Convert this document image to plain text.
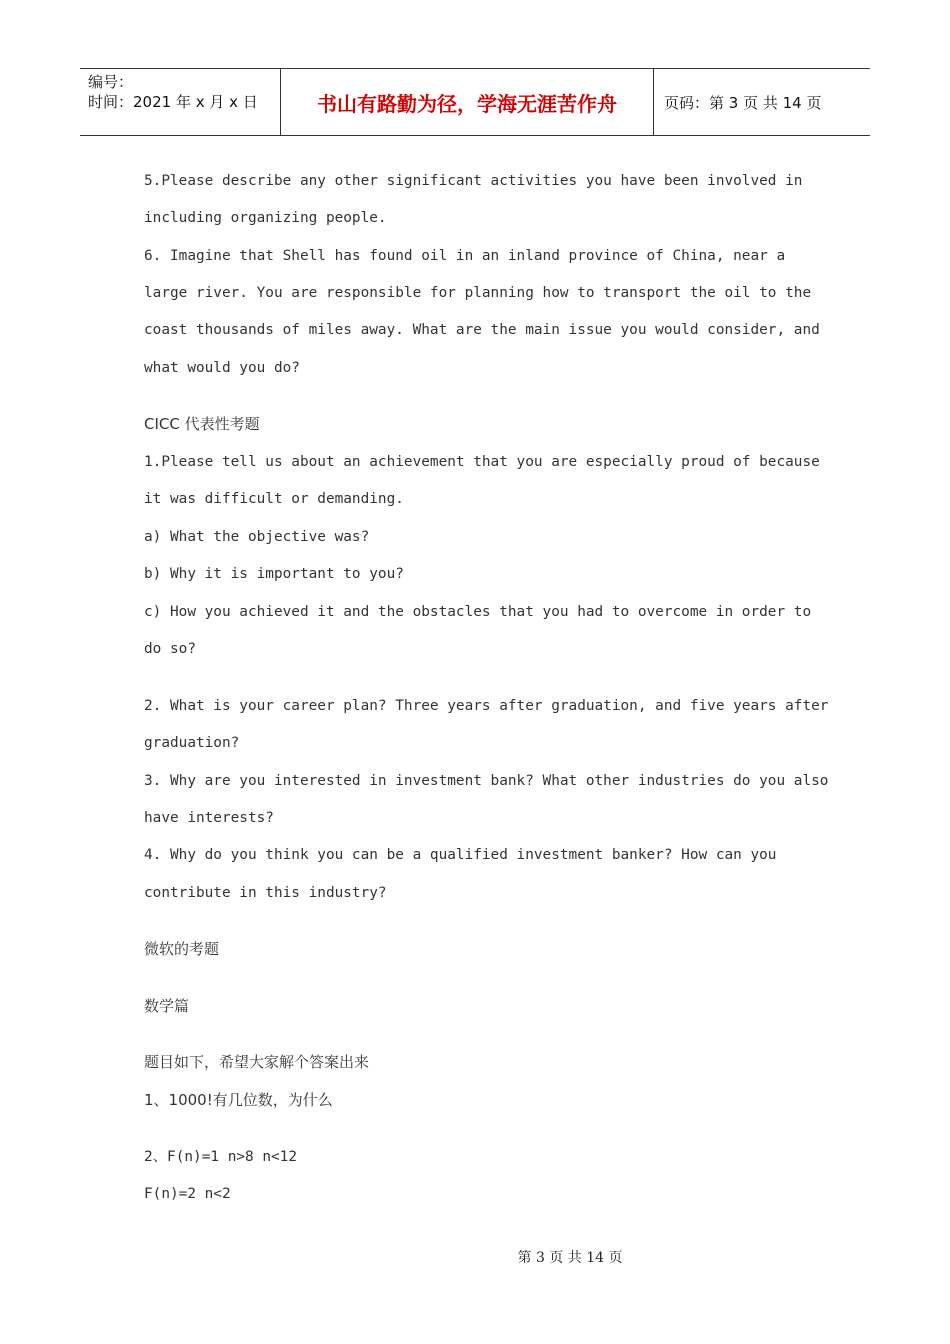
编号：
时间：2021 年 x 月 x 日	书山有路勤为径，学海无涯苦作舟	页码：第 3 页 共 14 页
5.Please describe any other significant activities you have been involved in
including organizing people.
6. Imagine that Shell has found oil in an inland province of China, near a
large river. You are responsible for planning how to transport the oil to the
coast thousands of miles away. What are the main issue you would consider, and
what would you do?
CICC 代表性考题
1.Please tell us about an achievement that you are especially proud of because
it was difficult or demanding.
a) What the objective was?
b) Why it is important to you?
c) How you achieved it and the obstacles that you had to overcome in order to
do so?
2. What is your career plan? Three years after graduation, and five years after
graduation?
3. Why are you interested in investment bank? What other industries do you also
have interests?
4. Why do you think you can be a qualified investment banker? How can you
contribute in this industry?
微软的考题
数学篇
题目如下，希望大家解个答案出来
1、1000!有几位数，为什么
2、F(n)=1 n>8 n<12
F(n)=2 n<2
第 3 页 共 14 页
